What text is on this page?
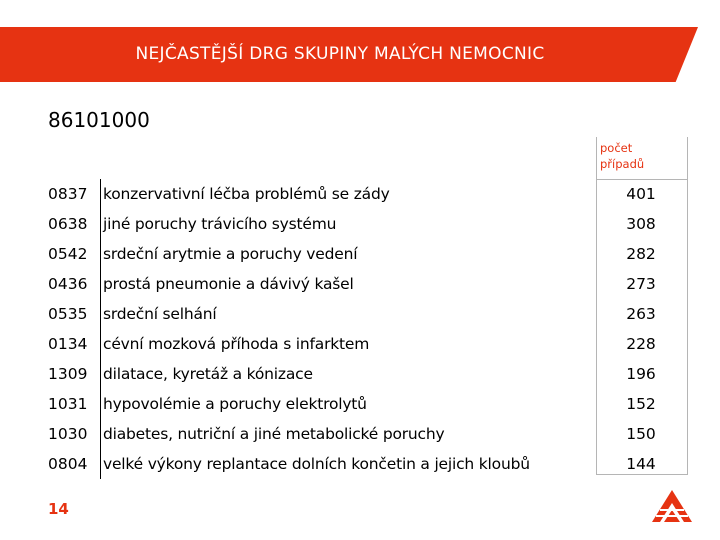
NEJČASTĚJŠÍ DRG SKUPINY MALÝCH NEMOCNIC
86101000
počet
případů
0837 konzervativní léčba problémů se zády	401
0638 jiné poruchy trávicího systému	308
0542 srdeční arytmie a poruchy vedení	282
0436 prostá pneumonie a dávivý kašel	273
0535 srdeční selhání	263
0134 cévní mozková příhoda s infarktem	228
1309 dilatace, kyretáž a kónizace	196
1031 hypovolémie a poruchy elektrolytů	152
1030 diabetes, nutriční a jiné metabolické poruchy	150
0804 velké výkony replantace dolních končetin a jejich kloubů	144
14
